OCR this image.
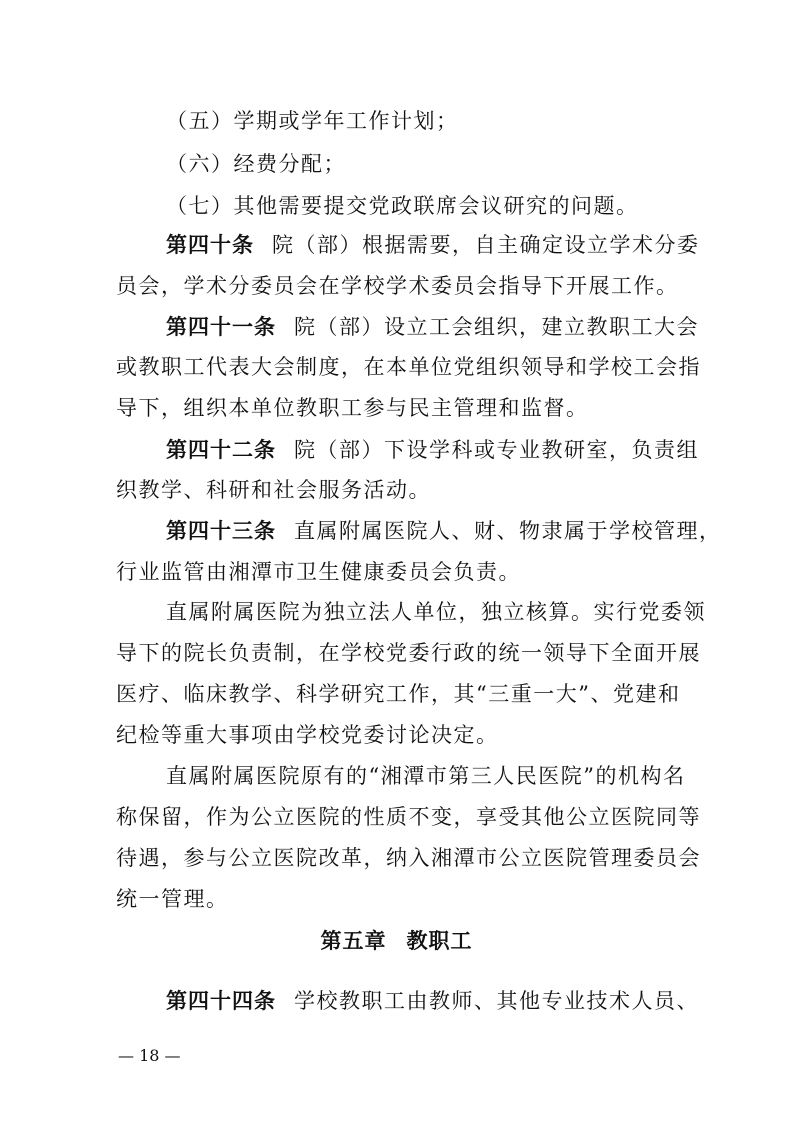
（五）学期或学年工作计划；
（六）经费分配；
（七）其他需要提交党政联席会议研究的问题。
第四十条 院（部）根据需要，自主确定设立学术分委
员会，学术分委员会在学校学术委员会指导下开展工作。
第四十一条 院（部）设立工会组织，建立教职工大会
或教职工代表大会制度，在本单位党组织领导和学校工会指
导下，组织本单位教职工参与民主管理和监督。
第四十二条 院（部）下设学科或专业教研室，负责组
织教学、科研和社会服务活动。
第四十三条 直属附属医院人、财、物隶属于学校管理，
行业监管由湘潭市卫生健康委员会负责。
直属附属医院为独立法人单位，独立核算。实行党委领
导下的院长负责制，在学校党委行政的统一领导下全面开展
医疗、临床教学、科学研究工作，其“三重一大”、党建和
纪检等重大事项由学校党委讨论决定。
直属附属医院原有的“湘潭市第三人民医院”的机构名
称保留，作为公立医院的性质不变，享受其他公立医院同等
待遇，参与公立医院改革，纳入湘潭市公立医院管理委员会
统一管理。
第五章 教职工
第四十四条 学校教职工由教师、其他专业技术人员、
— 18 —
